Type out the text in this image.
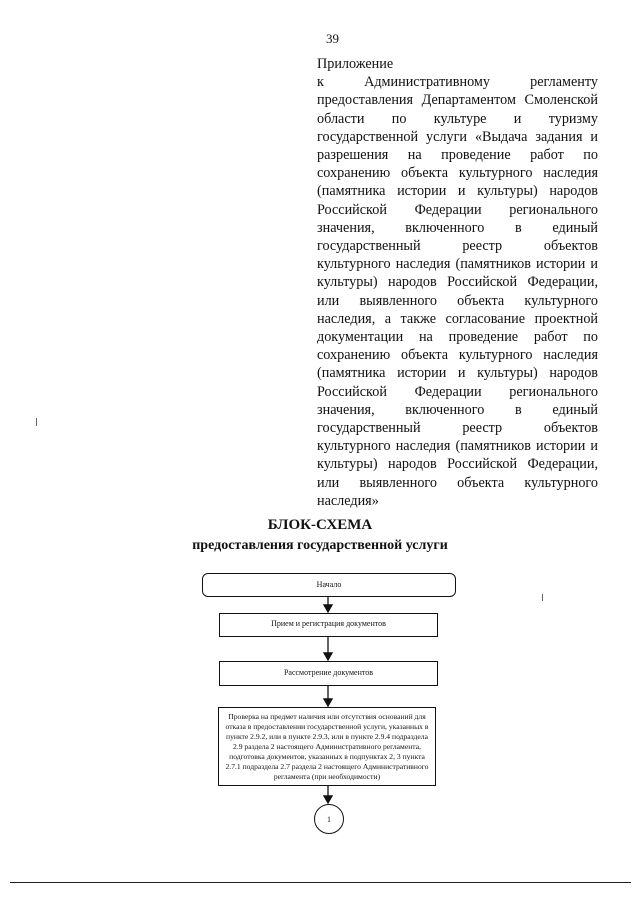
39
Приложение
к Административному регламенту предоставления Департаментом Смоленской области по культуре и туризму государственной услуги «Выдача задания и разрешения на проведение работ по сохранению объекта культурного наследия (памятника истории и культуры) народов Российской Федерации регионального значения, включенного в единый государственный реестр объектов культурного наследия (памятников истории и культуры) народов Российской Федерации, или выявленного объекта культурного наследия, а также согласование проектной документации на проведение работ по сохранению объекта культурного наследия (памятника истории и культуры) народов Российской Федерации регионального значения, включенного в единый государственный реестр объектов культурного наследия (памятников истории и культуры) народов Российской Федерации, или выявленного объекта культурного наследия»
БЛОК-СХЕМА
предоставления государственной услуги
Начало
Прием и регистрация документов
Рассмотрение документов
Проверка на предмет наличия или отсутствия оснований для отказа в предоставлении государственной услуги, указанных в пункте 2.9.2, или в пункте 2.9.3, или в пункте 2.9.4 подраздела 2.9 раздела 2 настоящего Административного регламента, подготовка документов, указанных в подпунктах 2, 3 пункта 2.7.1 подраздела 2.7 раздела 2 настоящего Административного регламента (при необходимости)
1
